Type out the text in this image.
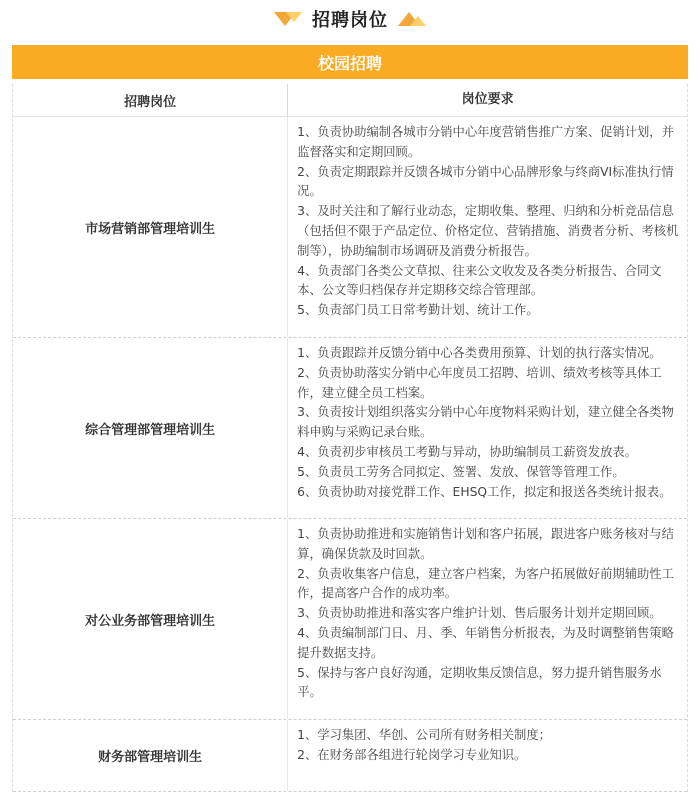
招聘岗位
校园招聘
招聘岗位	岗位要求
市场营销部管理培训生
1、负责协助编制各城市分销中心年度营销售推广方案、促销计划，并监督落实和定期回顾。
2、负责定期跟踪并反馈各城市分销中心品牌形象与终商VI标准执行情况。
3、及时关注和了解行业动态，定期收集、整理、归纳和分析竞品信息（包括但不限于产品定位、价格定位、营销措施、消费者分析、考核机制等），协助编制市场调研及消费分析报告。
4、负责部门各类公文草拟、往来公文收发及各类分析报告、合同文本、公文等归档保存并定期移交综合管理部。
5、负责部门员工日常考勤计划、统计工作。
综合管理部管理培训生
1、负责跟踪并反馈分销中心各类费用预算、计划的执行落实情况。
2、负责协助落实分销中心年度员工招聘、培训、绩效考核等具体工作，建立健全员工档案。
3、负责按计划组织落实分销中心年度物料采购计划，建立健全各类物料申购与采购记录台账。
4、负责初步审核员工考勤与异动，协助编制员工薪资发放表。
5、负责员工劳务合同拟定、签署、发放、保管等管理工作。
6、负责协助对接党群工作、EHSQ工作，拟定和报送各类统计报表。
对公业务部管理培训生
1、负责协助推进和实施销售计划和客户拓展，跟进客户账务核对与结算，确保货款及时回款。
2、负责收集客户信息，建立客户档案，为客户拓展做好前期辅助性工作，提高客户合作的成功率。
3、负责协助推进和落实客户维护计划、售后服务计划并定期回顾。
4、负责编制部门日、月、季、年销售分析报表，为及时调整销售策略提升数据支持。
5、保持与客户良好沟通，定期收集反馈信息，努力提升销售服务水平。
财务部管理培训生
1、学习集团、华创、公司所有财务相关制度；
2、在财务部各组进行轮岗学习专业知识。
